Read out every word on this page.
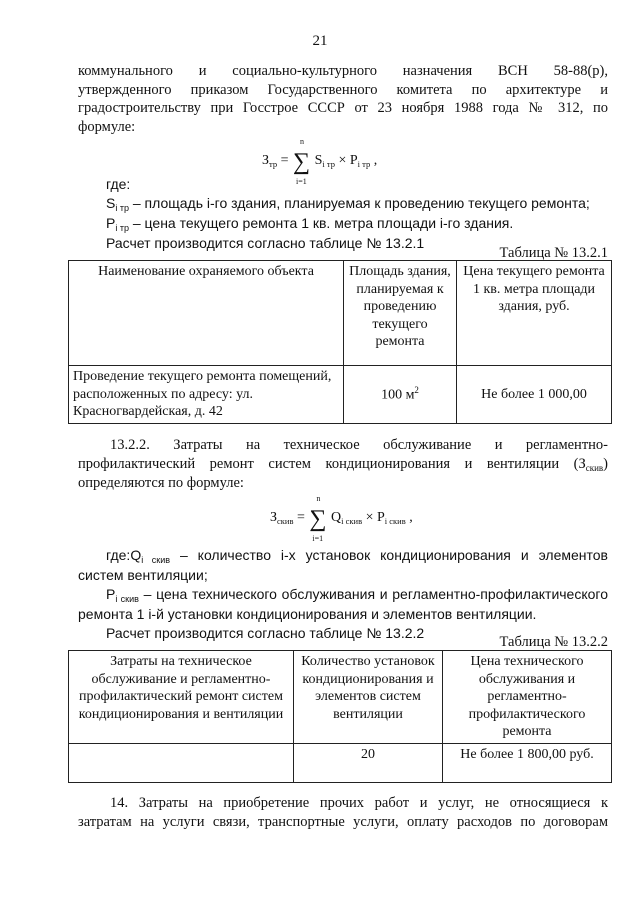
21
коммунального и социально-культурного назначения ВСН 58-88(р),
утвержденного приказом Государственного комитета по архитектуре и
градостроительству при Госстрое СССР от 23 ноября 1988 года № 312, по
формуле:
$З_{тр}$ = ∑
n
i=1
$S_{i тр} \times P_{i тр}$ ,
где:
$S_{i тр}$ – площадь i-го здания, планируемая к проведению текущего ремонта;
$P_{i тр}$ – цена текущего ремонта 1 кв. метра площади i-го здания.
Расчет производится согласно таблице № 13.2.1
Таблица № 13.2.1
Наименование охраняемого объекта	Площадь здания, планируемая к проведению текущего ремонта	Цена текущего ремонта 1 кв. метра площади здания, руб.
Проведение текущего ремонта помещений, расположенных по адресу: ул. Красногвардейская, д. 42	100 $м^2$	Не более 1 000,00
13.2.2. Затраты на техническое обслуживание и регламентно-
профилактический ремонт систем кондиционирования и вентиляции $(З_{скив})$
определяются по формуле:
$З_{скив}$ = ∑
n
i=1
$Q_{i скив} \times P_{i скив}$ ,
$где:Q_{i скив}$ – количество i-х установок кондиционирования и элементов
систем вентиляции;
$P_{i скив}$ – цена технического обслуживания и регламентно-профилактического
ремонта 1 i-й установки кондиционирования и элементов вентиляции.
Расчет производится согласно таблице № 13.2.2
Таблица № 13.2.2
Затраты на техническое обслуживание и регламентно-профилактический ремонт систем кондиционирования и вентиляции	Количество установок кондиционирования и элементов систем вентиляции	Цена технического обслуживания и регламентно-профилактического ремонта
	20	Не более 1 800,00 руб.
14. Затраты на приобретение прочих работ и услуг, не относящиеся к
затратам на услуги связи, транспортные услуги, оплату расходов по договорам
